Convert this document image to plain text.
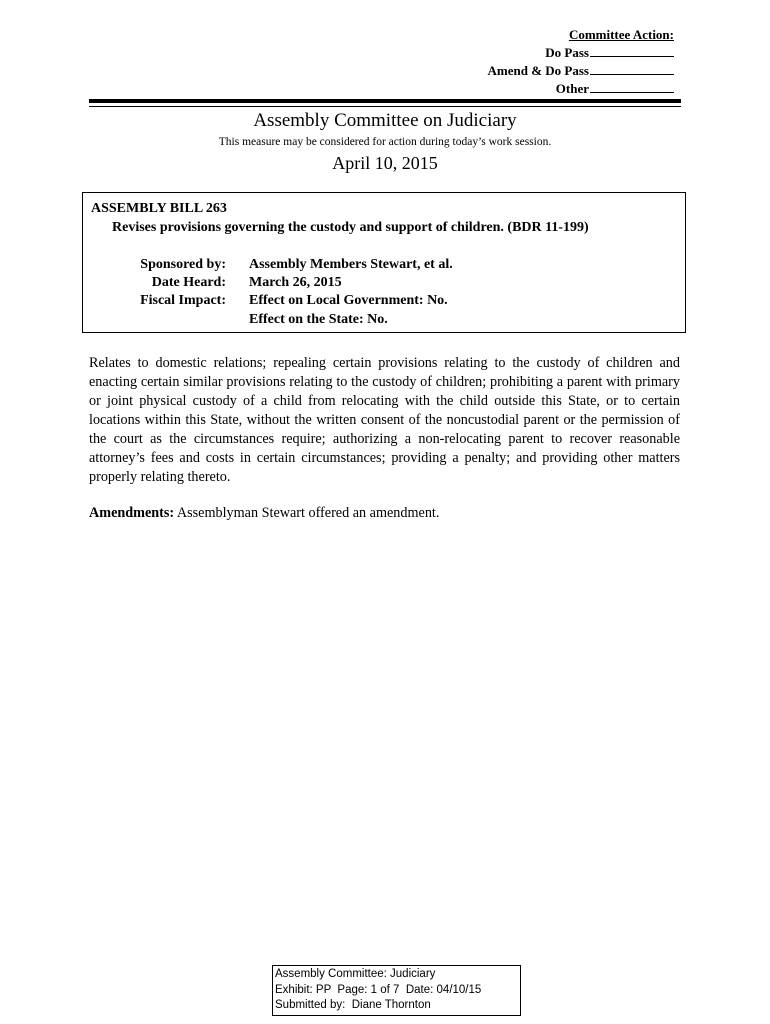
Committee Action:
Do Pass
Amend & Do Pass
Other
Assembly Committee on Judiciary
This measure may be considered for action during today’s work session.
April 10, 2015
ASSEMBLY BILL 263
Revises provisions governing the custody and support of children. (BDR 11-199)
Sponsored by: Assembly Members Stewart, et al.
Date Heard: March 26, 2015
Fiscal Impact: Effect on Local Government: No.
Effect on the State: No.

Relates to domestic relations; repealing certain provisions relating to the custody of children and enacting certain similar provisions relating to the custody of children; prohibiting a parent with primary or joint physical custody of a child from relocating with the child outside this State, or to certain locations within this State, without the written consent of the noncustodial parent or the permission of the court as the circumstances require; authorizing a non-relocating parent to recover reasonable attorney’s fees and costs in certain circumstances; providing a penalty; and providing other matters properly relating thereto.

Amendments: Assemblyman Stewart offered an amendment.
Assembly Committee: Judiciary
Exhibit: PP  Page: 1 of 7  Date: 04/10/15
Submitted by:  Diane Thornton
